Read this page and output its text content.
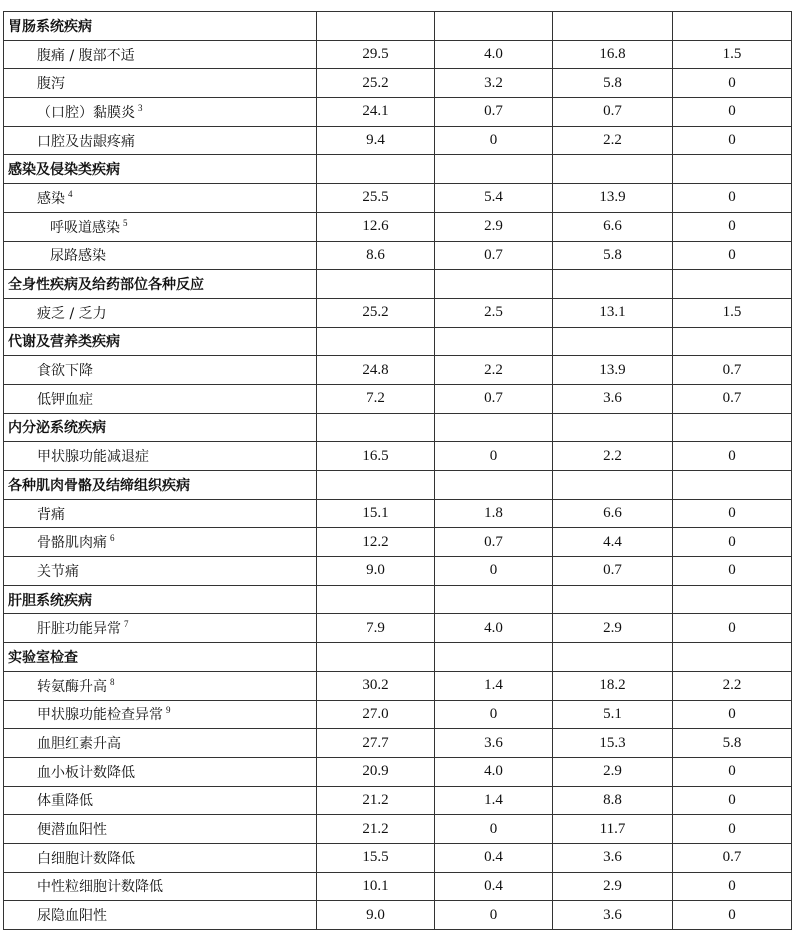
胃肠系统疾病				
腹痛 / 腹部不适	29.5	4.0	16.8	1.5
腹泻	25.2	3.2	5.8	0
（口腔）黏膜炎 $^3$	24.1	0.7	0.7	0
口腔及齿龈疼痛	9.4	0	2.2	0
感染及侵染类疾病				
感染 $^4$	25.5	5.4	13.9	0
呼吸道感染 $^5$	12.6	2.9	6.6	0
尿路感染	8.6	0.7	5.8	0
全身性疾病及给药部位各种反应				
疲乏 / 乏力	25.2	2.5	13.1	1.5
代谢及营养类疾病				
食欲下降	24.8	2.2	13.9	0.7
低钾血症	7.2	0.7	3.6	0.7
内分泌系统疾病				
甲状腺功能减退症	16.5	0	2.2	0
各种肌肉骨骼及结缔组织疾病				
背痛	15.1	1.8	6.6	0
骨骼肌肉痛 $^6$	12.2	0.7	4.4	0
关节痛	9.0	0	0.7	0
肝胆系统疾病				
肝脏功能异常 $^7$	7.9	4.0	2.9	0
实验室检查				
转氨酶升高 $^8$	30.2	1.4	18.2	2.2
甲状腺功能检查异常 $^9$	27.0	0	5.1	0
血胆红素升高	27.7	3.6	15.3	5.8
血小板计数降低	20.9	4.0	2.9	0
体重降低	21.2	1.4	8.8	0
便潜血阳性	21.2	0	11.7	0
白细胞计数降低	15.5	0.4	3.6	0.7
中性粒细胞计数降低	10.1	0.4	2.9	0
尿隐血阳性	9.0	0	3.6	0
